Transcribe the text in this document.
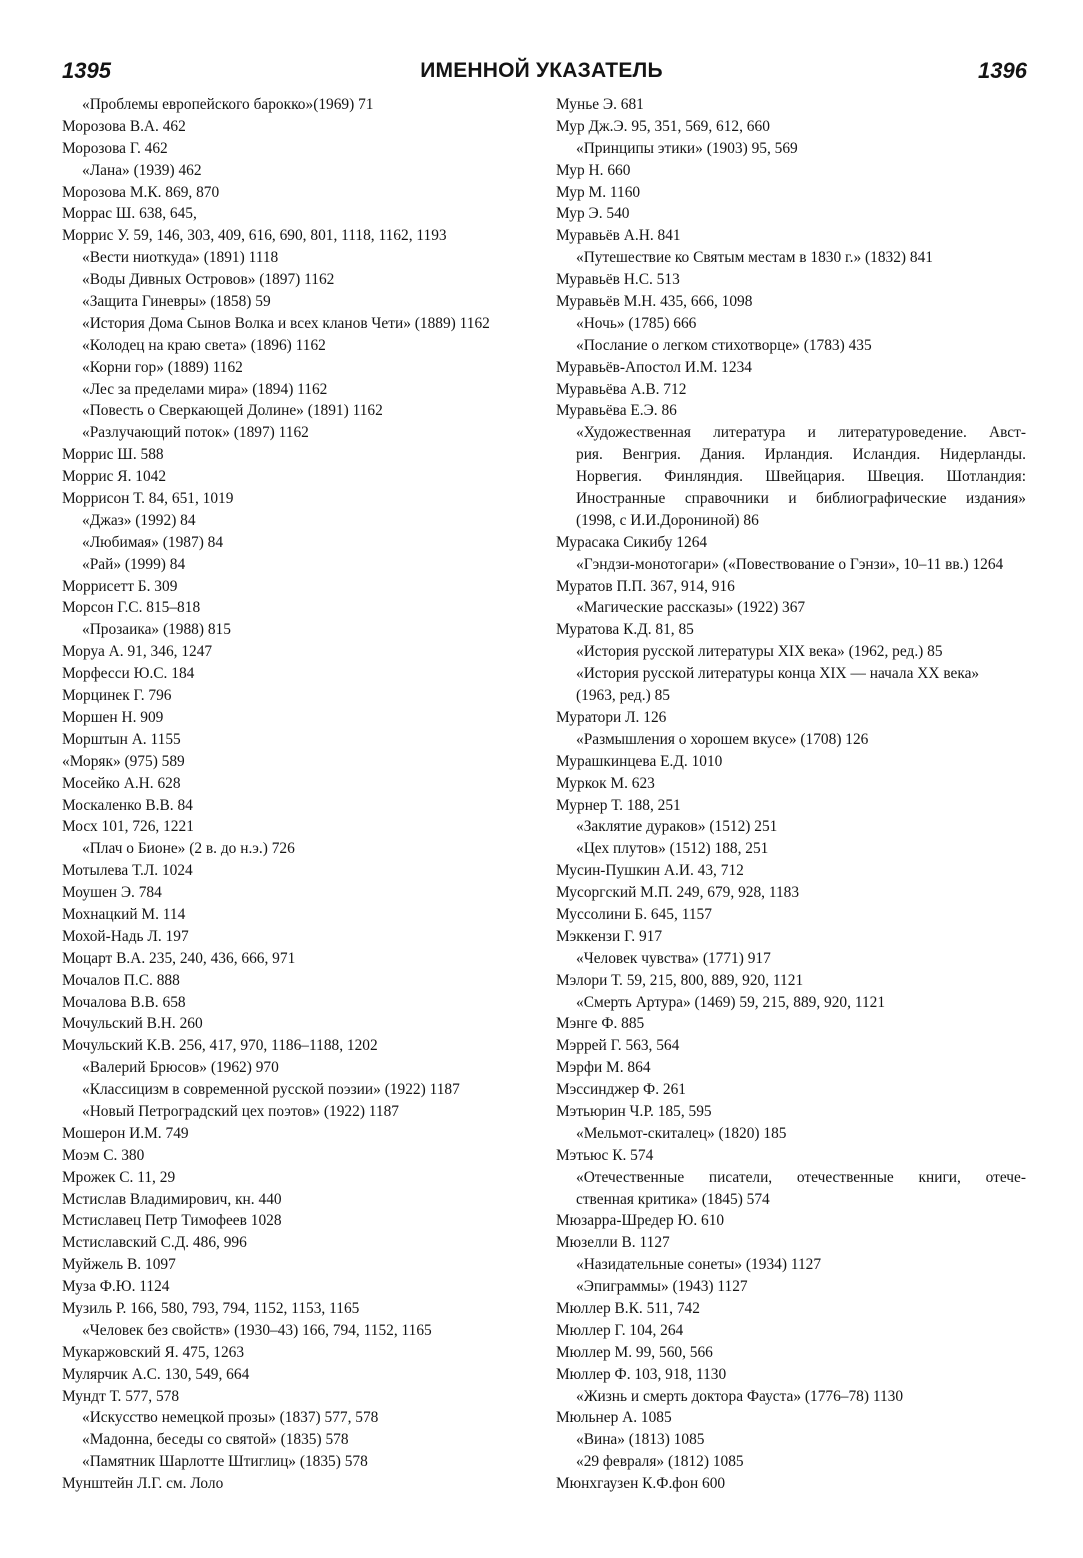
1395	ИМЕННОЙ УКАЗАТЕЛЬ	1396
«Проблемы европейского барокко»(1969) 71
Морозова В.А. 462
Морозова Г. 462
«Лана» (1939) 462
Морозова М.К. 869, 870
Моррас Ш. 638, 645,
Моррис У. 59, 146, 303, 409, 616, 690, 801, 1118, 1162, 1193
«Вести ниоткуда» (1891) 1118
«Воды Дивных Островов» (1897) 1162
«Защита Гиневры» (1858) 59
«История Дома Сынов Волка и всех кланов Чети» (1889) 1162
«Колодец на краю света» (1896) 1162
«Корни гор» (1889) 1162
«Лес за пределами мира» (1894) 1162
«Повесть о Сверкающей Долине» (1891) 1162
«Разлучающий поток» (1897) 1162
Моррис Ш. 588
Моррис Я. 1042
Моррисон Т. 84, 651, 1019
«Джаз» (1992) 84
«Любимая» (1987) 84
«Рай» (1999) 84
Моррисетт Б. 309
Морсон Г.С. 815–818
«Прозаика» (1988) 815
Моруа А. 91, 346, 1247
Морфесси Ю.С. 184
Морцинек Г. 796
Моршен Н. 909
Морштын А. 1155
«Моряк» (975) 589
Мосейко А.Н. 628
Москаленко В.В. 84
Мосх 101, 726, 1221
«Плач о Бионе» (2 в. до н.э.) 726
Мотылева Т.Л. 1024
Моушен Э. 784
Мохнацкий М. 114
Мохой-Надь Л. 197
Моцарт В.А. 235, 240, 436, 666, 971
Мочалов П.С. 888
Мочалова В.В. 658
Мочульский В.Н. 260
Мочульский К.В. 256, 417, 970, 1186–1188, 1202
«Валерий Брюсов» (1962) 970
«Классицизм в современной русской поэзии» (1922) 1187
«Новый Петроградский цех поэтов» (1922) 1187
Мошерон И.М. 749
Моэм С. 380
Мрожек С. 11, 29
Мстислав Владимирович, кн. 440
Мстиславец Петр Тимофеев 1028
Мстиславский С.Д. 486, 996
Муйжель В. 1097
Муза Ф.Ю. 1124
Музиль Р. 166, 580, 793, 794, 1152, 1153, 1165
«Человек без свойств» (1930–43) 166, 794, 1152, 1165
Мукаржовский Я. 475, 1263
Мулярчик А.С. 130, 549, 664
Мундт Т. 577, 578
«Искусство немецкой прозы» (1837) 577, 578
«Мадонна, беседы со святой» (1835) 578
«Памятник Шарлотте Штиглиц» (1835) 578
Мунштейн Л.Г. см. Лоло
Мунье Э. 681
Мур Дж.Э. 95, 351, 569, 612, 660
«Принципы этики» (1903) 95, 569
Мур Н. 660
Мур М. 1160
Мур Э. 540
Муравьёв А.Н. 841
«Путешествие ко Святым местам в 1830 г.» (1832) 841
Муравьёв Н.С. 513
Муравьёв М.Н. 435, 666, 1098
«Ночь» (1785) 666
«Послание о легком стихотворце» (1783) 435
Муравьёв-Апостол И.М. 1234
Муравьёва А.В. 712
Муравьёва Е.Э. 86
«Художественная литература и литературоведение. Авст-
рия. Венгрия. Дания. Ирландия. Исландия. Нидерланды.
Норвегия. Финляндия. Швейцария. Швеция. Шотландия:
Иностранные справочники и библиографические издания»
(1998, с И.И.Дорониной) 86
Мурасака Сикибу 1264
«Гэндзи-монотогари» («Повествование о Гэнзи», 10–11 вв.) 1264
Муратов П.П. 367, 914, 916
«Магические рассказы» (1922) 367
Муратова К.Д. 81, 85
«История русской литературы XIX века» (1962, ред.) 85
«История русской литературы конца XIX — начала XX века»
(1963, ред.) 85
Муратори Л. 126
«Размышления о хорошем вкусе» (1708) 126
Мурашкинцева Е.Д. 1010
Муркок М. 623
Мурнер Т. 188, 251
«Заклятие дураков» (1512) 251
«Цех плутов» (1512) 188, 251
Мусин-Пушкин А.И. 43, 712
Мусоргский М.П. 249, 679, 928, 1183
Муссолини Б. 645, 1157
Мэккензи Г. 917
«Человек чувства» (1771) 917
Мэлори Т. 59, 215, 800, 889, 920, 1121
«Смерть Артура» (1469) 59, 215, 889, 920, 1121
Мэнге Ф. 885
Мэррей Г. 563, 564
Мэрфи М. 864
Мэссинджер Ф. 261
Мэтьюрин Ч.Р. 185, 595
«Мельмот-скиталец» (1820) 185
Мэтьюс К. 574
«Отечественные писатели, отечественные книги, отече-
ственная критика» (1845) 574
Мюзарра-Шредер Ю. 610
Мюзелли В. 1127
«Назидательные сонеты» (1934) 1127
«Эпиграммы» (1943) 1127
Мюллер В.К. 511, 742
Мюллер Г. 104, 264
Мюллер М. 99, 560, 566
Мюллер Ф. 103, 918, 1130
«Жизнь и смерть доктора Фауста» (1776–78) 1130
Мюльнер А. 1085
«Вина» (1813) 1085
«29 февраля» (1812) 1085
Мюнхгаузен К.Ф.фон 600
